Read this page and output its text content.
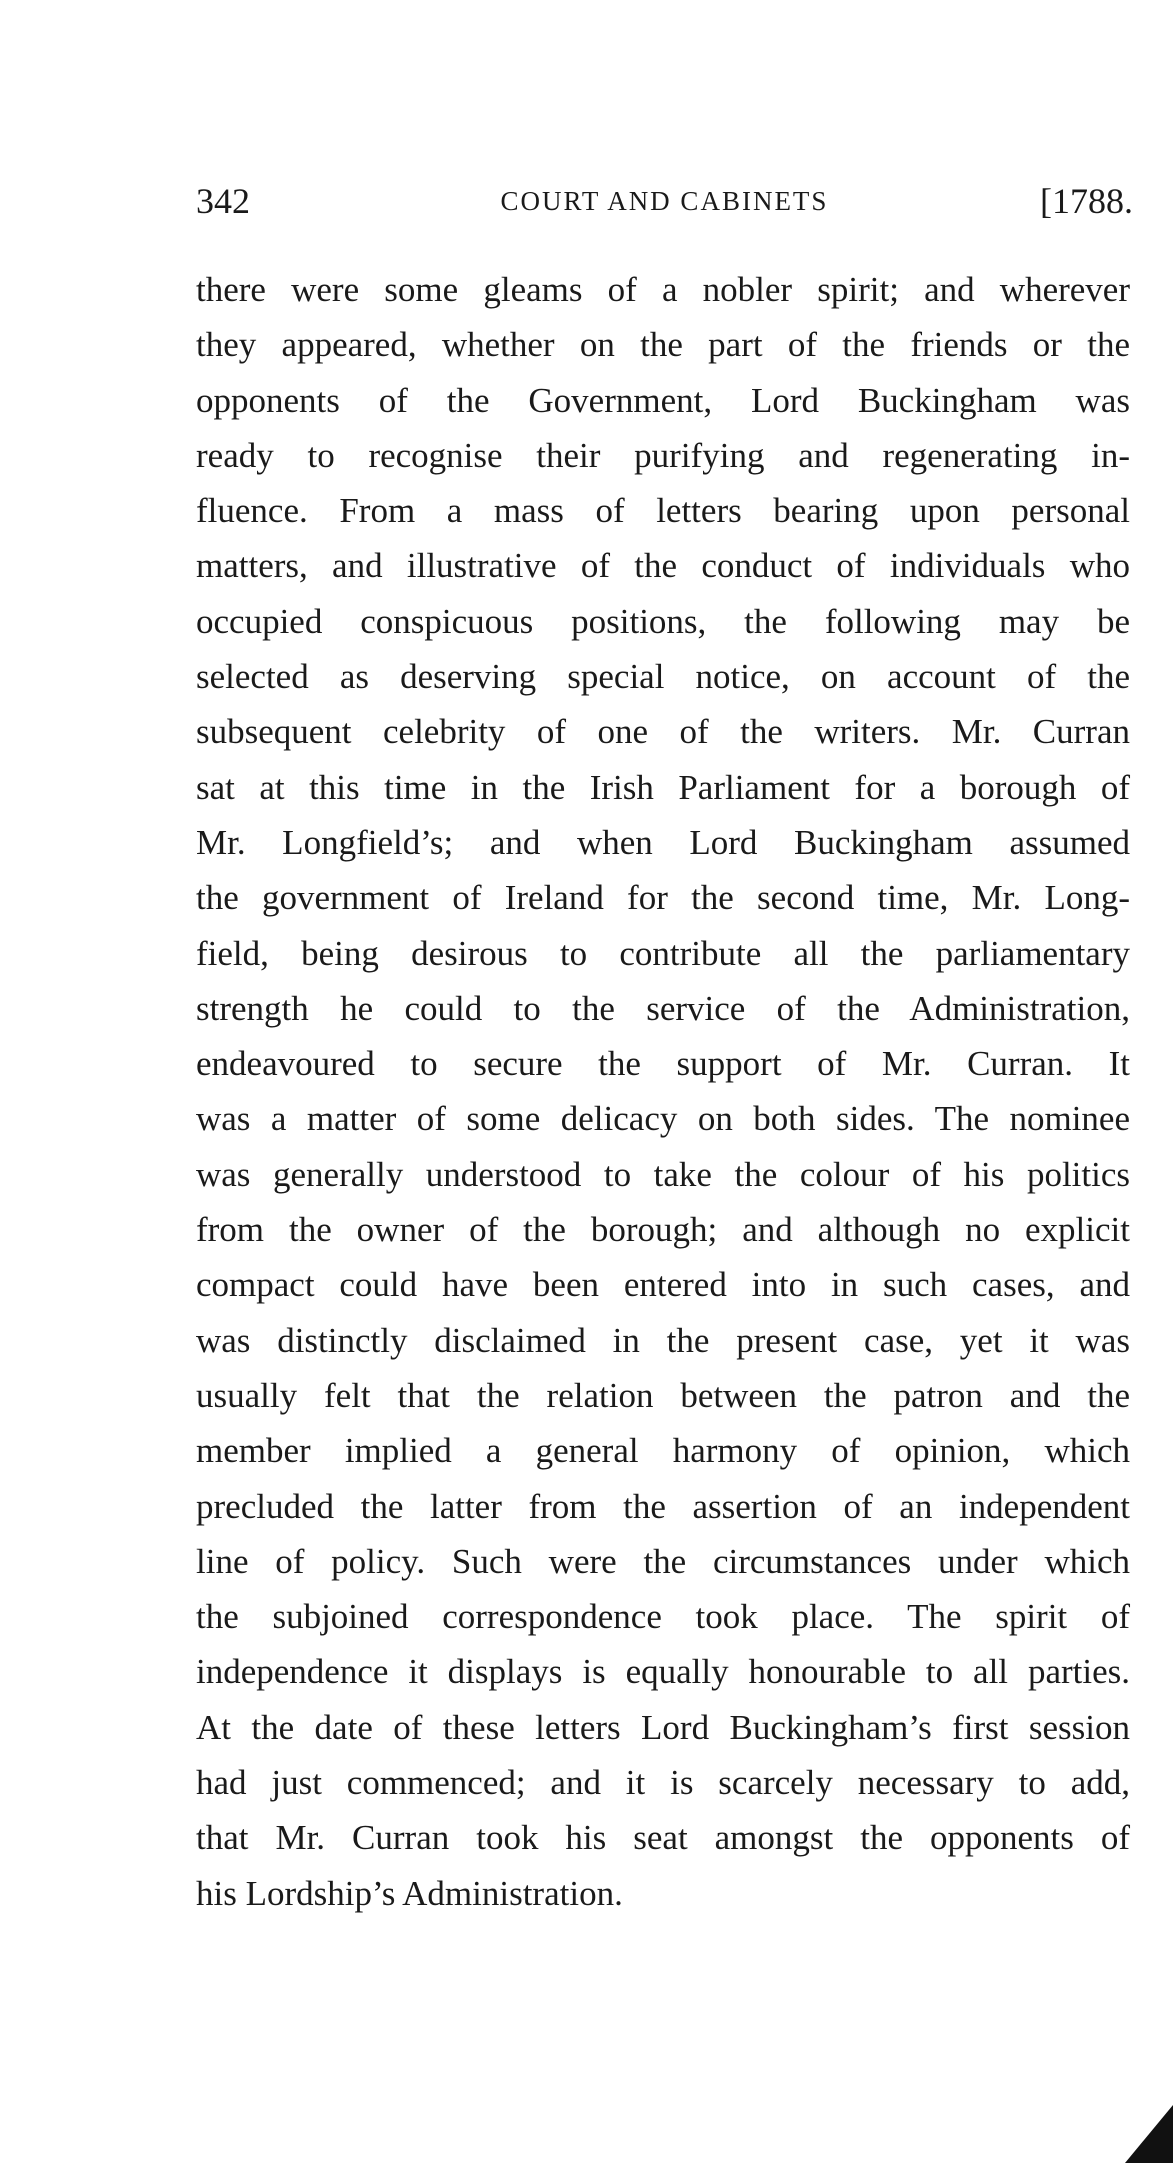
342	COURT AND CABINETS	[1788.
there were some gleams of a nobler spirit; and wherever
they appeared, whether on the part of the friends or the
opponents of the Government, Lord Buckingham was
ready to recognise their purifying and regenerating in-
fluence. From a mass of letters bearing upon personal
matters, and illustrative of the conduct of individuals who
occupied conspicuous positions, the following may be
selected as deserving special notice, on account of the
subsequent celebrity of one of the writers. Mr. Curran
sat at this time in the Irish Parliament for a borough of
Mr. Longfield’s; and when Lord Buckingham assumed
the government of Ireland for the second time, Mr. Long-
field, being desirous to contribute all the parliamentary
strength he could to the service of the Administration,
endeavoured to secure the support of Mr. Curran. It
was a matter of some delicacy on both sides. The nominee
was generally understood to take the colour of his politics
from the owner of the borough; and although no explicit
compact could have been entered into in such cases, and
was distinctly disclaimed in the present case, yet it was
usually felt that the relation between the patron and the
member implied a general harmony of opinion, which
precluded the latter from the assertion of an independent
line of policy. Such were the circumstances under which
the subjoined correspondence took place. The spirit of
independence it displays is equally honourable to all parties.
At the date of these letters Lord Buckingham’s first session
had just commenced; and it is scarcely necessary to add,
that Mr. Curran took his seat amongst the opponents of
his Lordship’s Administration.
